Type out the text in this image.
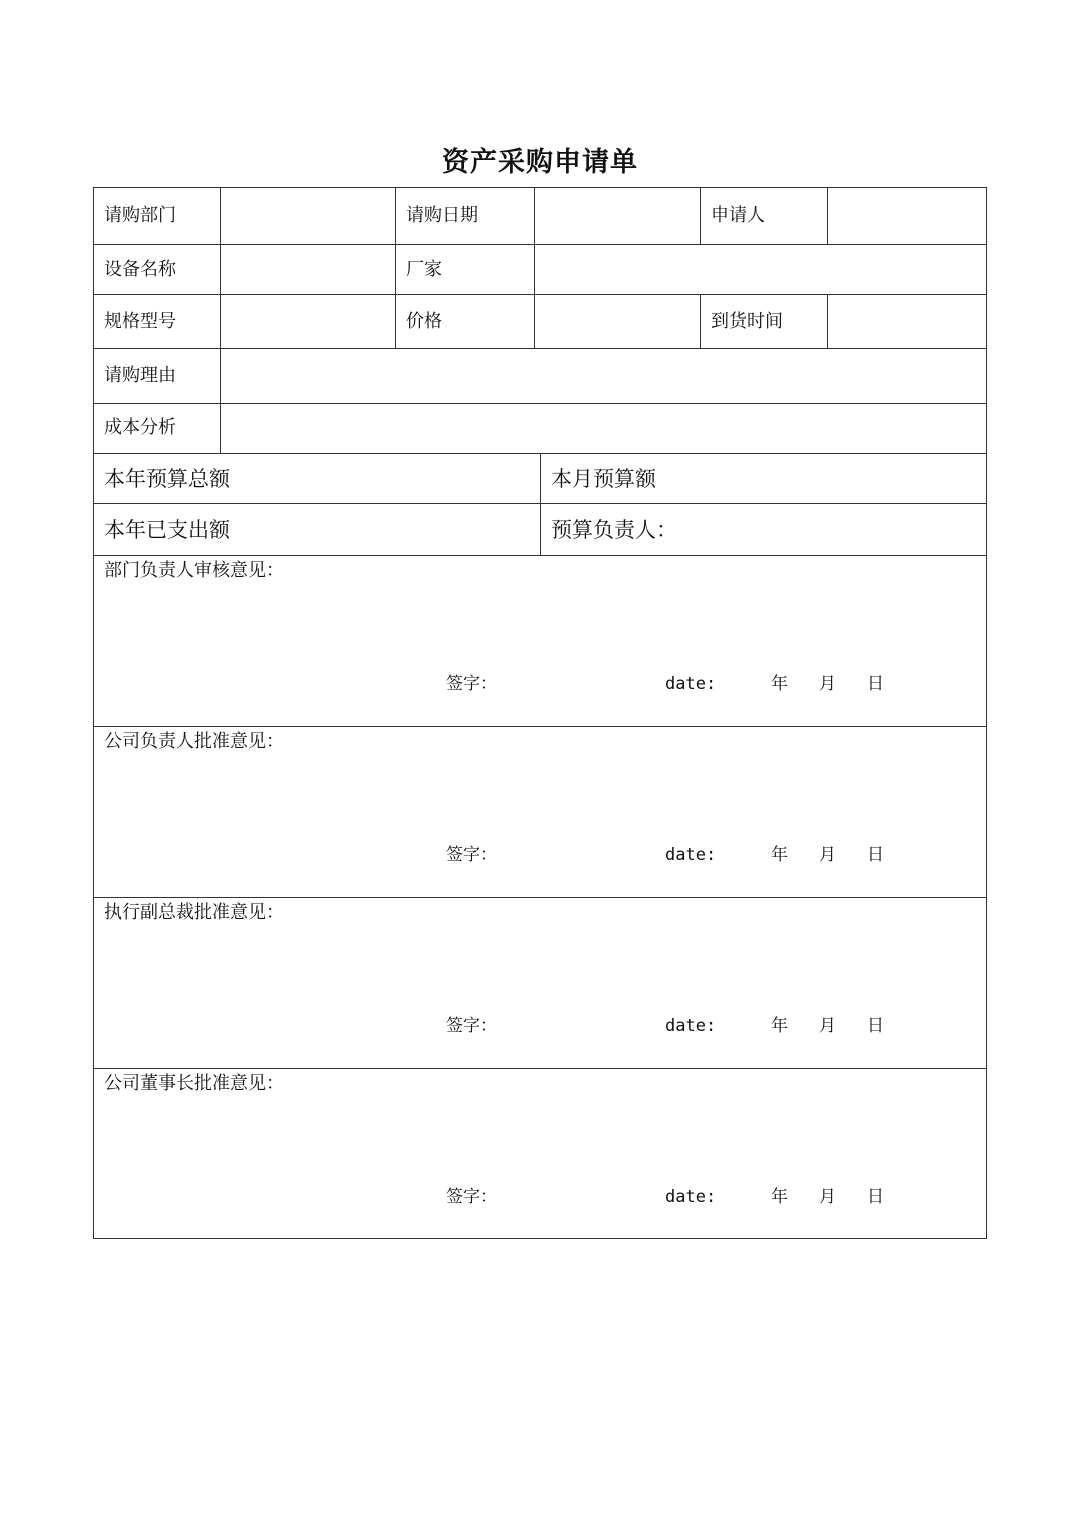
资产采购申请单
请购部门	请购日期	申请人
设备名称	厂家
规格型号	价格	到货时间
请购理由
成本分析
本年预算总额	本月预算额
本年已支出额	预算负责人：
部门负责人审核意见：
签字：	date:	年 月 日
公司负责人批准意见：
签字：	date:	年 月 日
执行副总裁批准意见：
签字：	date:	年 月 日
公司董事长批准意见：
签字：	date:	年 月 日
